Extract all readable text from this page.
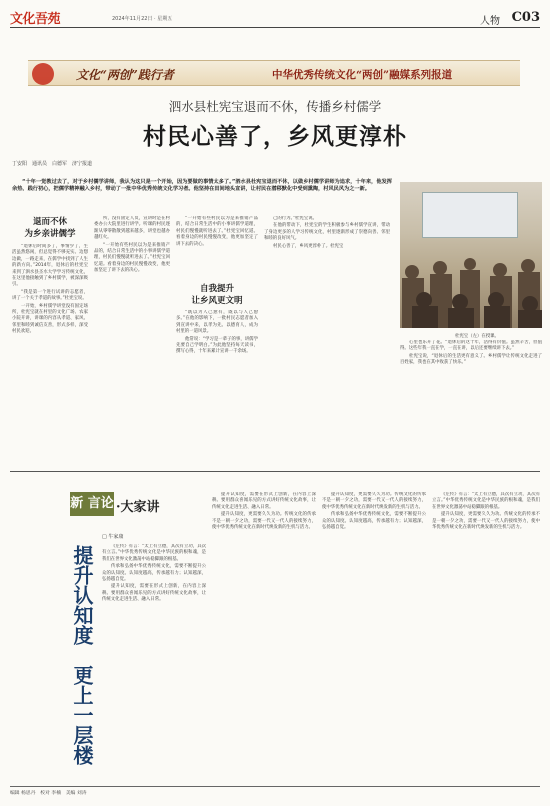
文化吾苑	2024年11月22日 · 星期五	人物 C03
文化“两创”践行者	中华优秀传统文化“两创”融媒系列报道
泗水县杜宪宝退而不休，传播乡村儒学
村民心善了，乡风更淳朴
丁安阳　通讯员　白德军　济宁报道
“十年一觉教过去了，对于乡村儒学讲师，我认为这只是一个开始，因为要做的事情太多了。”泗水县杜宪宝退而不休，以做乡村儒学讲师为追求，十年来，他发挥余热、践行初心，把儒学精神融入乡村，带动了一批中华优秀传统文化学习者。他坚持在田间地头宣讲，让村民在潜移默化中受到熏陶，村风民风为之一新。
退而不休
为乡亲讲儒学

“退休后时间多了，事情少了，生活虽然悠闲，但总觉得不够充实。边想边做，一路走来，在儒学中找到了人生的新方向。”2014年，退休后的杜宪宝来到了泗水县圣水大学学习传统文化，在这里他接触到了乡村儒学，被深深吸引。

“我是第一个进行试讲的志愿者，讲了一个关于孝道的故事。”杜宪宝说。

一开始，乡村儒学讲堂没有固定场所，杜宪宝就在村里的文化广场、农家小院开讲，讲课的内容从孝道、家风、邻里和睦到诚信友善，形式多样，深受村民欢迎。

所，没有固定人员，宣讲时是在村委办公大院里进行讲学。听课的村民逐渐从零零散散到越来越多，讲堂也越办越红火。

“一开始有些村民以为是来推销产品的，结合日常生活中的小事讲儒学道理，村民们慢慢就听进去了。”杜宪宝回忆道。看着身边的村民慢慢改变，他更加坚定了讲下去的决心。

自我提升
让乡风更文明

“既以为人己愈有，既以与人己愈多。”在他的影响下，一批村民志愿者加入到宣讲中来，以孝为先、以德育人，成为村里的一道风景。

他常说：“学习是一辈子的事，讲儒学先要自己学明白。”为此他坚持每天读书，撰写心得，十年来累计宣讲一千余场。

“一开始有些村民以为是来推销产品的，结合日常生活中的小事讲儒学道理，村民们慢慢就听进去了。”杜宪宝回忆道。看着身边的村民慢慢改变，他更加坚定了讲下去的决心。

己的行为。”杜宪宝说。

在他的带动下，杜宪宝的学生积极参与乡村儒学宣讲，带动了身边更多的人学习传统文化，村里逐渐形成了崇德向善、邻里和睦的良好风气。

村民心善了，乡风更淳朴了。杜宪宝

杜宪宝（左）在授课。

心里也乐开了花。“退休后的这十年，活得有价值。虽然辛苦，但值得。这些年我一直在学，一直在讲，以后还要继续讲下去。”

杜宪宝说，“退休后的生活更有意义了。乡村儒学让传统文化走进了百姓家，我也在其中收获了快乐。”

新 言论 ·大家讲
提升认知度　更上一层楼
□ 牛家康

《左传》有言：“太上有立德，其次有立功，其次有立言。”中华优秀传统文化是中华民族的根和魂，是我们在世界文化激荡中站稳脚跟的根基。

传承和弘扬中华优秀传统文化，需要不断提升公众的认知度。认知度越高，传承越有力；认知越深，弘扬越自觉。

提升认知度，需要在形式上创新，在内容上深耕。要用群众喜闻乐见的方式讲好传统文化故事，让传统文化走进生活、融入日常。

提升认知度，需要在形式上创新，在内容上深耕。要用群众喜闻乐见的方式讲好传统文化故事，让传统文化走进生活、融入日常。

提升认知度，更需要久久为功。传统文化的传承不是一朝一夕之功，需要一代又一代人的接续努力，使中华优秀传统文化在新时代焕发新的生机与活力。

提升认知度，更需要久久为功。传统文化的传承不是一朝一夕之功，需要一代又一代人的接续努力，使中华优秀传统文化在新时代焕发新的生机与活力。

传承和弘扬中华优秀传统文化，需要不断提升公众的认知度。认知度越高，传承越有力；认知越深，弘扬越自觉。

《左传》有言：“太上有立德，其次有立功，其次有立言。”中华优秀传统文化是中华民族的根和魂，是我们在世界文化激荡中站稳脚跟的根基。

提升认知度，更需要久久为功。传统文化的传承不是一朝一夕之功，需要一代又一代人的接续努力，使中华优秀传统文化在新时代焕发新的生机与活力。

编辑 杨思丹　校对 李楠　美编 刘涛
